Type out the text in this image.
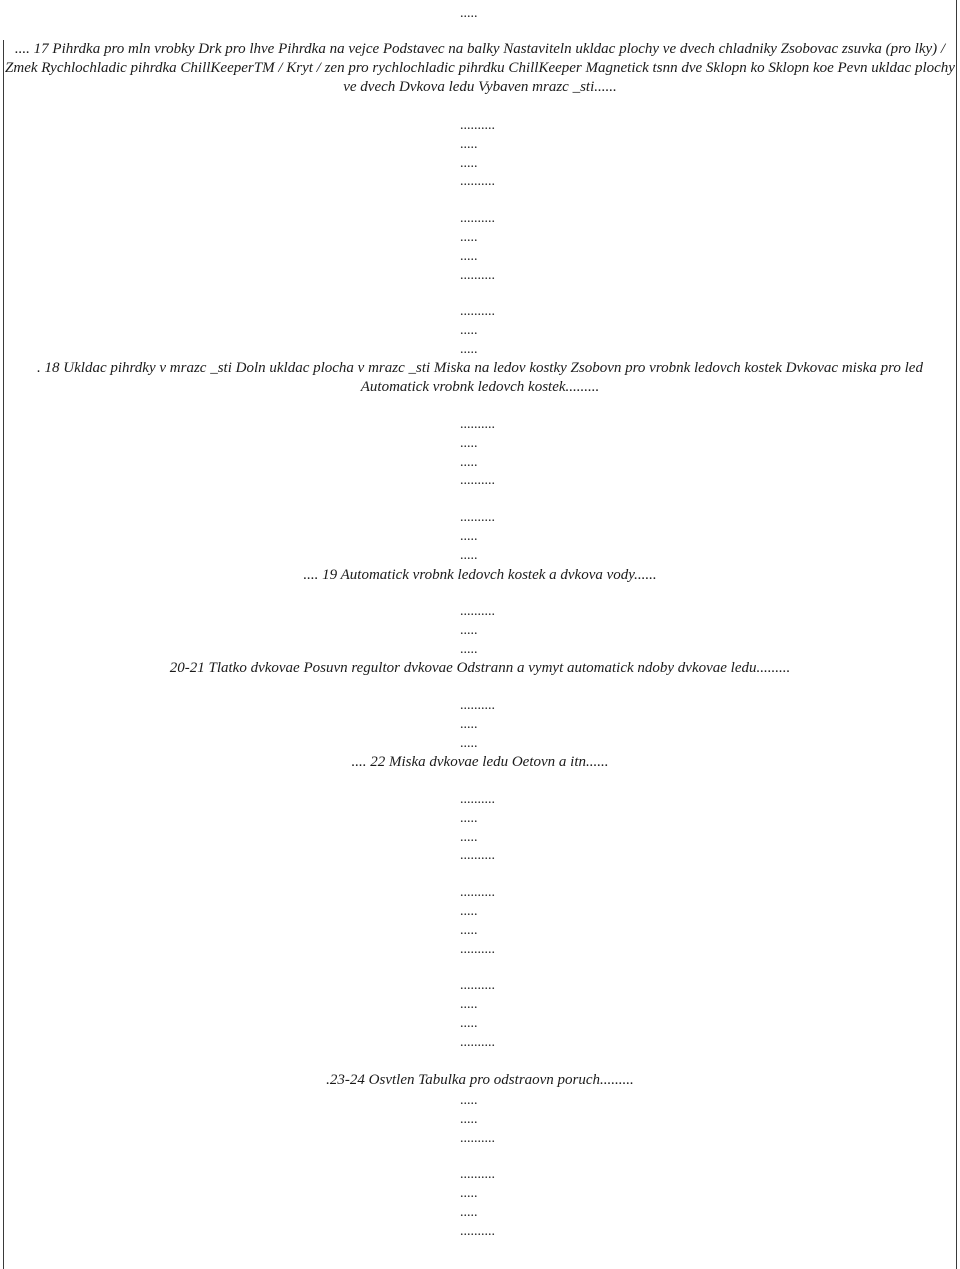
.....
.... 17 Pihrdka pro mln vrobky Drk pro lhve Pihrdka na vejce Podstavec na balky Nastaviteln ukldac plochy ve dvech chladniky Zsobovac zsuvka (pro lky) /
Zmek Rychlochladic pihrdka ChillKeeperTM / Kryt / zen pro rychlochladic pihrdku ChillKeeper Magnetick tsnn dve Sklopn ko Sklopn koe Pevn ukldac plochy
ve dvech Dvkova ledu Vybaven mrazc _sti......
..........
.....
.....
..........
..........
.....
.....
..........
..........
.....
.....
. 18 Ukldac pihrdky v mrazc _sti Doln ukldac plocha v mrazc _sti Miska na ledov kostky Zsobovn pro vrobnk ledovch kostek Dvkovac miska pro led
Automatick vrobnk ledovch kostek.........
..........
.....
.....
..........
..........
.....
.....
.... 19 Automatick vrobnk ledovch kostek a dvkova vody......
..........
.....
.....
20-21 Tlatko dvkovae Posuvn regultor dvkovae Odstrann a vymyt automatick ndoby dvkovae ledu.........
..........
.....
.....
.... 22 Miska dvkovae ledu Oetovn a itn......
..........
.....
.....
..........
..........
.....
.....
..........
..........
.....
.....
..........
.23-24 Osvtlen Tabulka pro odstraovn poruch.........
.....
.....
..........
..........
.....
.....
..........
